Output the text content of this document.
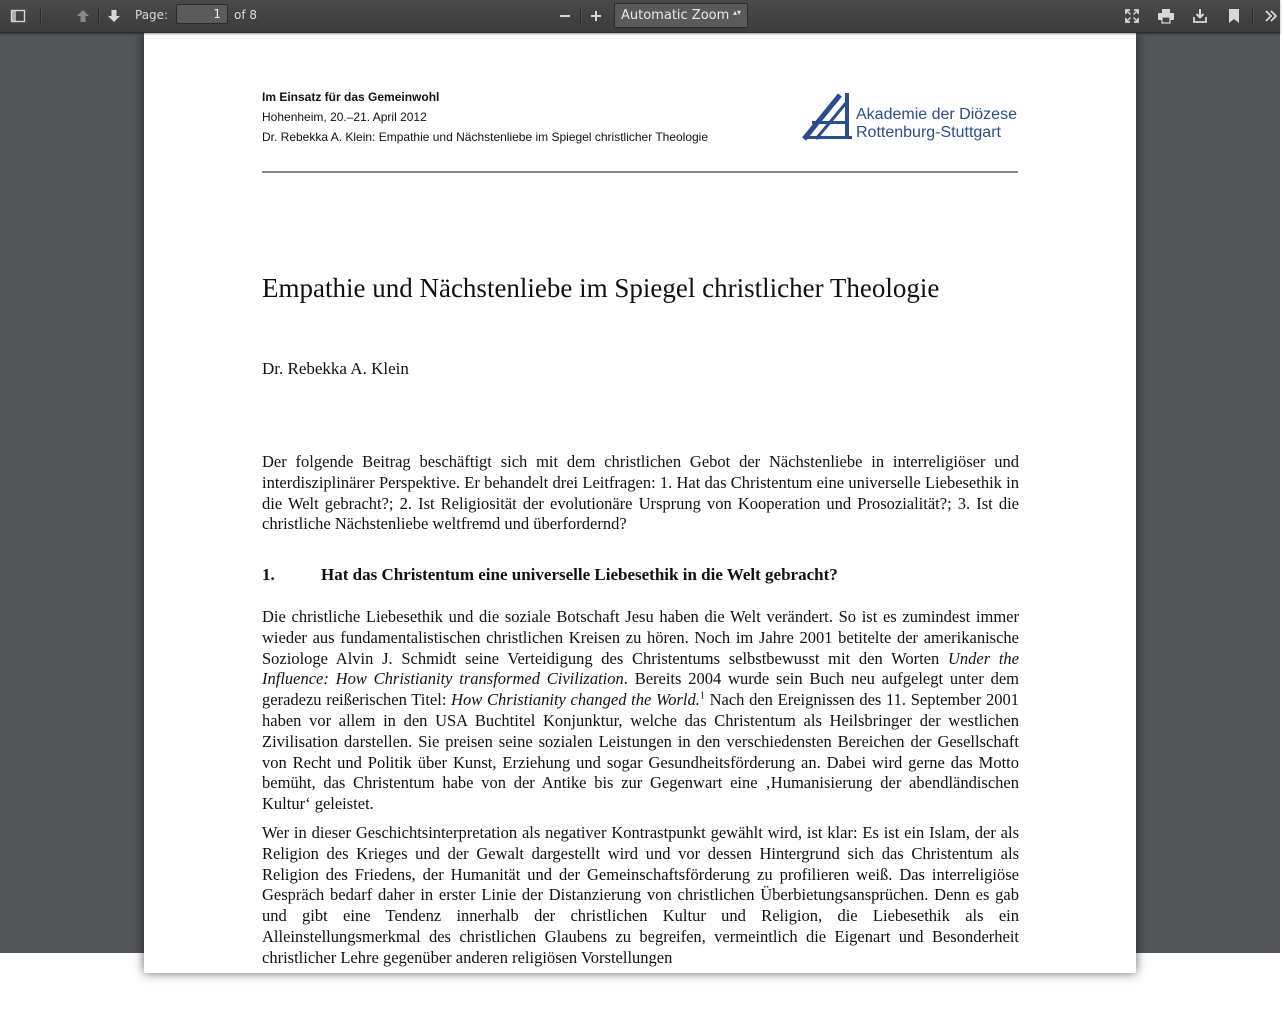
Page:
1	of 8	Automatic Zoom ▴▾
Im Einsatz für das Gemeinwohl
Hohenheim, 20.–21. April 2012
Dr. Rebekka A. Klein: Empathie und Nächstenliebe im Spiegel christlicher Theologie
Akademie der Diözese
Rottenburg-Stuttgart
Empathie und Nächstenliebe im Spiegel christlicher Theologie
Dr. Rebekka A. Klein
Der folgende Beitrag beschäftigt sich mit dem christlichen Gebot der Nächstenliebe in interreligiöser und interdisziplinärer Perspektive. Er behandelt drei Leitfragen: 1. Hat das Christentum eine universelle Liebesethik in die Welt gebracht?; 2. Ist Religiosität der evolutionäre Ursprung von Kooperation und Prosozialität?; 3. Ist die christliche Nächstenliebe weltfremd und überfordernd?
1.	Hat das Christentum eine universelle Liebesethik in die Welt gebracht?
Die christliche Liebesethik und die soziale Botschaft Jesu haben die Welt verändert. So ist es zumindest immer wieder aus fundamentalistischen christlichen Kreisen zu hören. Noch im Jahre 2001 betitelte der amerikanische Soziologe Alvin J. Schmidt seine Verteidigung des Christentums selbstbewusst mit den Worten Under the Influence: How Christianity transformed Civilization. Bereits 2004 wurde sein Buch neu aufgelegt unter dem geradezu reißerischen Titel: How Christianity changed the World.$^1$ Nach den Ereignissen des 11. September 2001 haben vor allem in den USA Buchtitel Konjunktur, welche das Christentum als Heilsbringer der westlichen Zivilisation darstellen. Sie preisen seine sozialen Leistungen in den verschiedensten Bereichen der Gesellschaft von Recht und Politik über Kunst, Erziehung und sogar Gesundheitsförderung an. Dabei wird gerne das Motto bemüht, das Christentum habe von der Antike bis zur Gegenwart eine ‚Humanisierung der abendländischen Kultur‘ geleistet.
Wer in dieser Geschichtsinterpretation als negativer Kontrastpunkt gewählt wird, ist klar: Es ist ein Islam, der als Religion des Krieges und der Gewalt dargestellt wird und vor dessen Hintergrund sich das Christentum als Religion des Friedens, der Humanität und der Gemeinschaftsförderung zu profilieren weiß. Das interreligiöse Gespräch bedarf daher in erster Linie der Distanzierung von christlichen Überbietungsansprüchen. Denn es gab und gibt eine Tendenz innerhalb der christlichen Kultur und Religion, die Liebesethik als ein Alleinstellungsmerkmal des christlichen Glaubens zu begreifen, vermeintlich die Eigenart und Besonderheit christlicher Lehre gegenüber anderen religiösen Vorstellungen
